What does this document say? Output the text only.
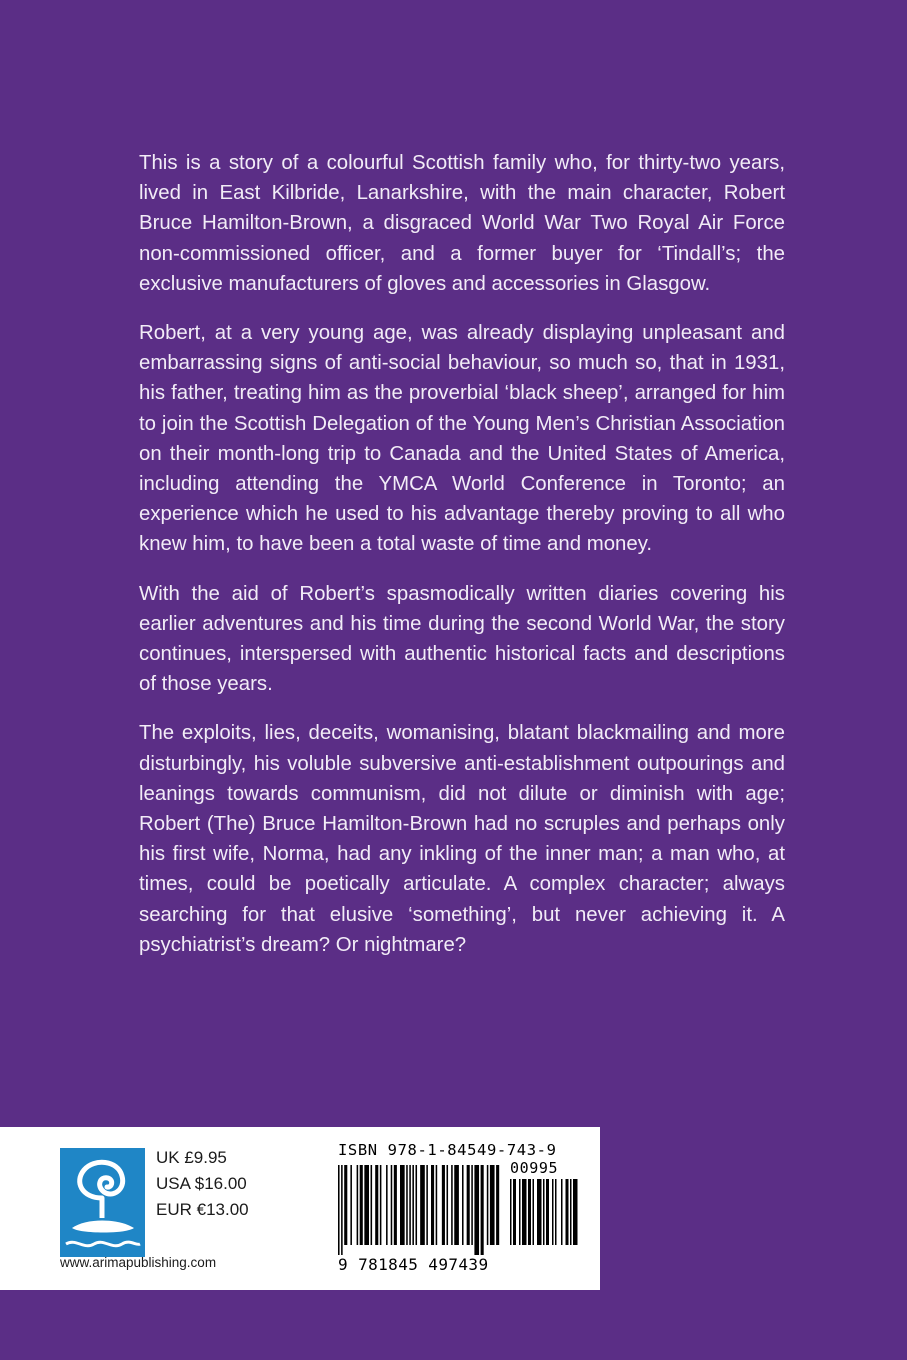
This is a story of a colourful Scottish family who, for thirty-two years, lived in East Kilbride, Lanarkshire, with the main character, Robert Bruce Hamilton-Brown, a disgraced World War Two Royal Air Force non-commissioned officer, and a former buyer for ‘Tindall’s; the exclusive manufacturers of gloves and accessories in Glasgow.

Robert, at a very young age, was already displaying unpleasant and embarrassing signs of anti-social behaviour, so much so, that in 1931, his father, treating him as the proverbial ‘black sheep’, arranged for him to join the Scottish Delegation of the Young Men’s Christian Association on their month-long trip to Canada and the United States of America, including attending the YMCA World Conference in Toronto; an experience which he used to his advantage thereby proving to all who knew him, to have been a total waste of time and money.

With the aid of Robert’s spasmodically written diaries covering his earlier adventures and his time during the second World War, the story continues, interspersed with authentic historical facts and descriptions of those years.

The exploits, lies, deceits, womanising, blatant blackmailing and more disturbingly, his voluble subversive anti-establishment outpourings and leanings towards communism, did not dilute or diminish with age; Robert (The) Bruce Hamilton-Brown had no scruples and perhaps only his first wife, Norma, had any inkling of the inner man; a man who, at times, could be poetically articulate. A complex character; always searching for that elusive ‘something’, but never achieving it. A psychiatrist’s dream? Or nightmare?

UK £9.95
USA $16.00
EUR €13.00
www.arimapublishing.com
ISBN 978-1-84549-743-9
00995
9 781845 497439
